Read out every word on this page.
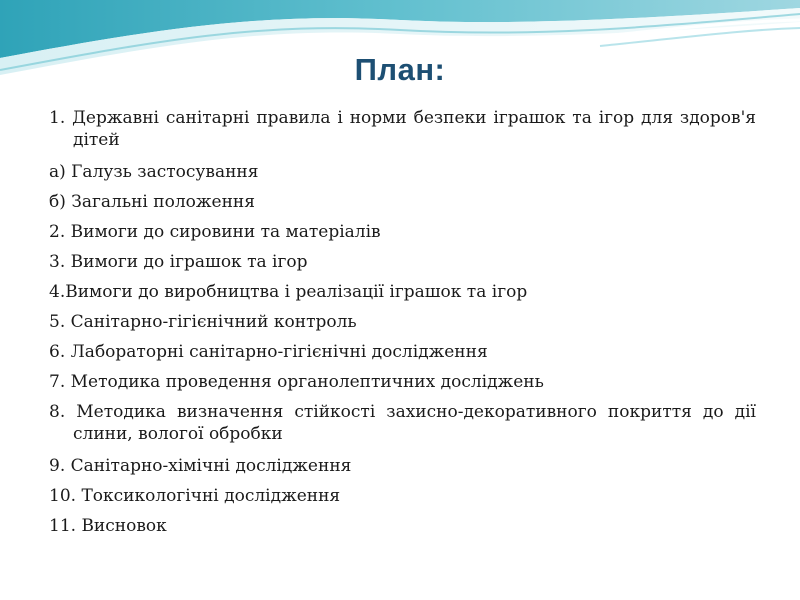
План:
1. Державні санітарні правила і норми безпеки іграшок та ігор для здоров'я дітей
а) Галузь застосування
б) Загальні положення
2. Вимоги до сировини та матеріалів
3. Вимоги до іграшок та ігор
4.Вимоги до виробництва і реалізації іграшок та ігор
5. Санітарно-гігієнічний контроль
6. Лабораторні санітарно-гігієнічні дослідження
7. Методика проведення органолептичних досліджень
8. Методика визначення стійкості захисно-декоративного покриття до дії слини, вологої обробки
9. Санітарно-хімічні дослідження
10. Токсикологічні дослідження
11. Висновок
